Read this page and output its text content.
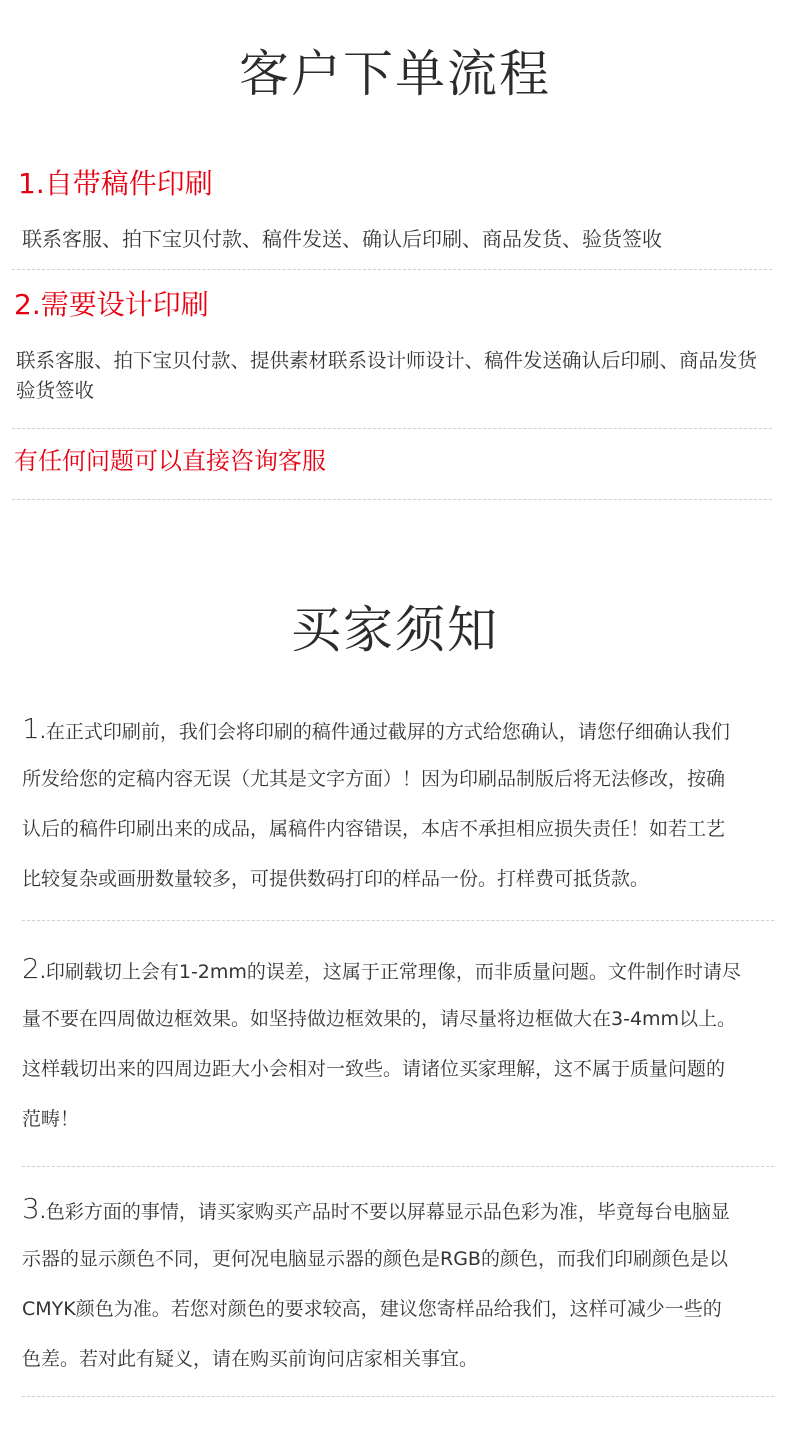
客户下单流程
1.自带稿件印刷

联系客服、拍下宝贝付款、稿件发送、确认后印刷、商品发货、验货签收

2.需要设计印刷

联系客服、拍下宝贝付款、提供素材联系设计师设计、稿件发送确认后印刷、商品发货

验货签收

有任何问题可以直接咨询客服

买家须知
1.在正式印刷前，我们会将印刷的稿件通过截屏的方式给您确认，请您仔细确认我们
所发给您的定稿内容无误（尤其是文字方面）！因为印刷品制版后将无法修改，按确
认后的稿件印刷出来的成品，属稿件内容错误，本店不承担相应损失责任！如若工艺
比较复杂或画册数量较多，可提供数码打印的样品一份。打样费可抵货款。
2.印刷载切上会有1-2mm的误差，这属于正常理像，而非质量问题。文件制作时请尽
量不要在四周做边框效果。如坚持做边框效果的，请尽量将边框做大在3-4mm以上。
这样载切出来的四周边距大小会相对一致些。请诸位买家理解，这不属于质量问题的
范畴！
3.色彩方面的事情，请买家购买产品时不要以屏幕显示品色彩为准，毕竟每台电脑显
示器的显示颜色不同，更何况电脑显示器的颜色是RGB的颜色，而我们印刷颜色是以
CMYK颜色为准。若您对颜色的要求较高，建议您寄样品给我们，这样可减少一些的
色差。若对此有疑义，请在购买前询问店家相关事宜。
